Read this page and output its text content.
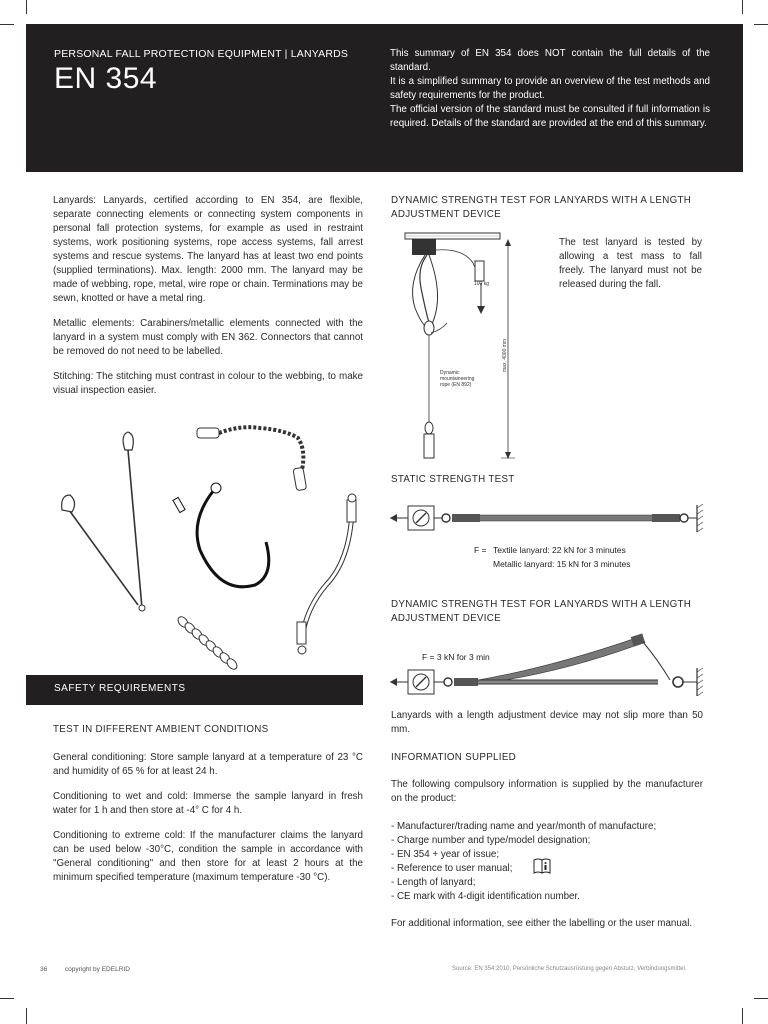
PERSONAL FALL PROTECTION EQUIPMENT | LANYARDS
EN 354

This summary of EN 354 does NOT contain the full details of the standard.

It is a simplified summary to provide an overview of the test methods and safety requirements for the product.

The official version of the standard must be consulted if full information is required. Details of the standard are provided at the end of this summary.

Lanyards: Lanyards, certified according to EN 354, are flexible, separate connecting elements or connecting system components in personal fall protection systems, for example as used in restraint systems, work positioning systems, rope access systems, fall arrest systems and rescue systems. The lanyard has at least two end points (supplied terminations). Max. length: 2000 mm. The lanyard may be made of webbing, rope, metal, wire rope or chain. Terminations may be sewn, knotted or have a metal ring.

Metallic elements: Carabiners/metallic elements connected with the lanyard in a system must comply with EN 362. Connectors that cannot be removed do not need to be labelled.

Stitching: The stitching must contrast in colour to the webbing, to make visual inspection easier.

SAFETY REQUIREMENTS
TEST IN DIFFERENT AMBIENT CONDITIONS

General conditioning: Store sample lanyard at a temperature of 23 °C and humidity of 65 % for at least 24 h.

Conditioning to wet and cold: Immerse the sample lanyard in fresh water for 1 h and then store at -4° C for 4 h.

Conditioning to extreme cold: If the manufacturer claims the lanyard can be used below -30°C, condition the sample in accordance with "General conditioning" and then store for at least 2 hours at the minimum specified temperature (maximum temperature -30 °C).

DYNAMIC STRENGTH TEST FOR LANYARDS WITH A LENGTH ADJUSTMENT DEVICE
100 kg
Dynamic mountaineering rope (EN 892)
max. 4000 mm
The test lanyard is tested by allowing a test mass to fall freely. The lanyard must not be released during the fall.
STATIC STRENGTH TEST
F = Textile lanyard: 22 kN for 3 minutes
Metallic lanyard: 15 kN for 3 minutes
DYNAMIC STRENGTH TEST FOR LANYARDS WITH A LENGTH ADJUSTMENT DEVICE
F = 3 kN for 3 min
Lanyards with a length adjustment device may not slip more than 50 mm.
INFORMATION SUPPLIED
The following compulsory information is supplied by the manufacturer on the product:
- Manufacturer/trading name and year/month of manufacture;
- Charge number and type/model designation;
- EN 354 + year of issue;
- Reference to user manual;
- Length of lanyard;
- CE mark with 4-digit identification number.
For additional information, see either the labelling or the user manual.
36	copyright by EDELRID	Source: EN 354:2010, Persönliche Schutzausrüstung gegen Absturz, Verbindungsmittel.
